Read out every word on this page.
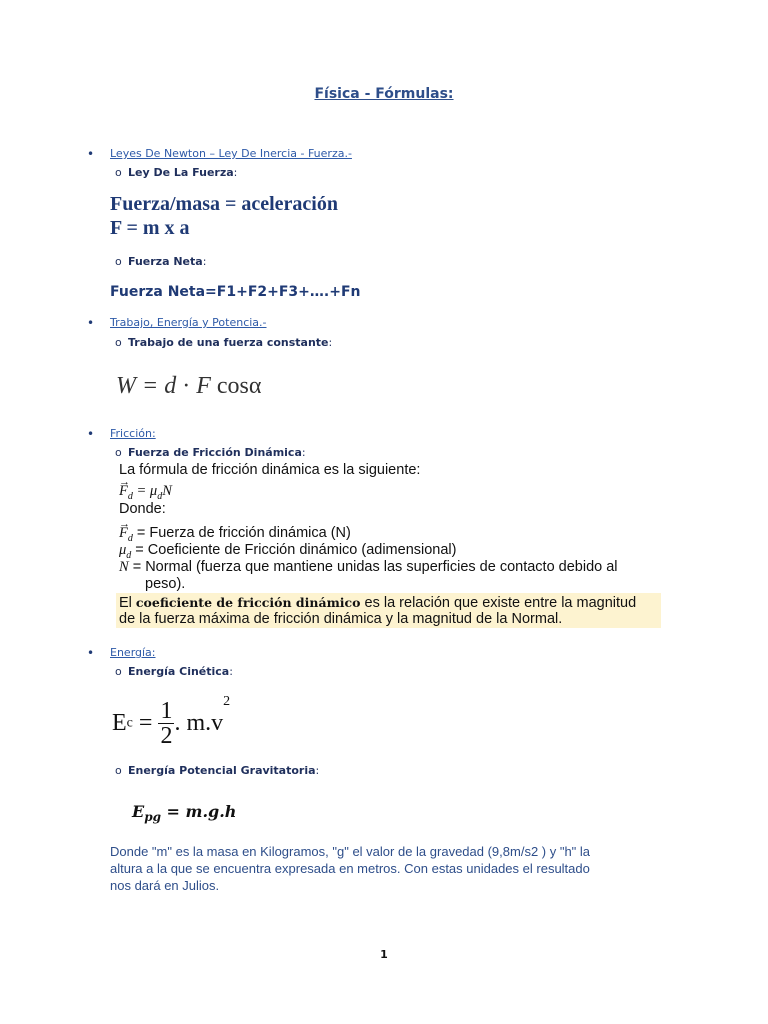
Física - Fórmulas:
• Leyes De Newton – Ley De Inercia - Fuerza.-
o Ley De La Fuerza:
Fuerza/masa = aceleración
F = m x a
o Fuerza Neta:
Fuerza Neta=F1+F2+F3+….+Fn
• Trabajo, Energía y Potencia.-
o Trabajo de una fuerza constante:
W = d · F cosα
• Fricción:
o Fuerza de Fricción Dinámica:
La fórmula de fricción dinámica es la siguiente:
→ $F_d = \mu_dN$
Donde:
→ $F_d$ = Fuerza de fricción dinámica (N)
$\mu_d$ = Coeficiente de Fricción dinámico (adimensional)
N = Normal (fuerza que mantiene unidas las superficies de contacto debido al
peso).
El coeficiente de fricción dinámico es la relación que existe entre la magnitud
de la fuerza máxima de fricción dinámica y la magnitud de la Normal.
• Energía:
o Energía Cinética:
$Ec = \frac{1}{2}$ . $m.v^2$
o Energía Potencial Gravitatoria:
$E_{pg} = m.g.h$
Donde "m" es la masa en Kilogramos, "g" el valor de la gravedad (9,8m/s2 ) y "h" la
altura a la que se encuentra expresada en metros. Con estas unidades el resultado
nos dará en Julios.
1
